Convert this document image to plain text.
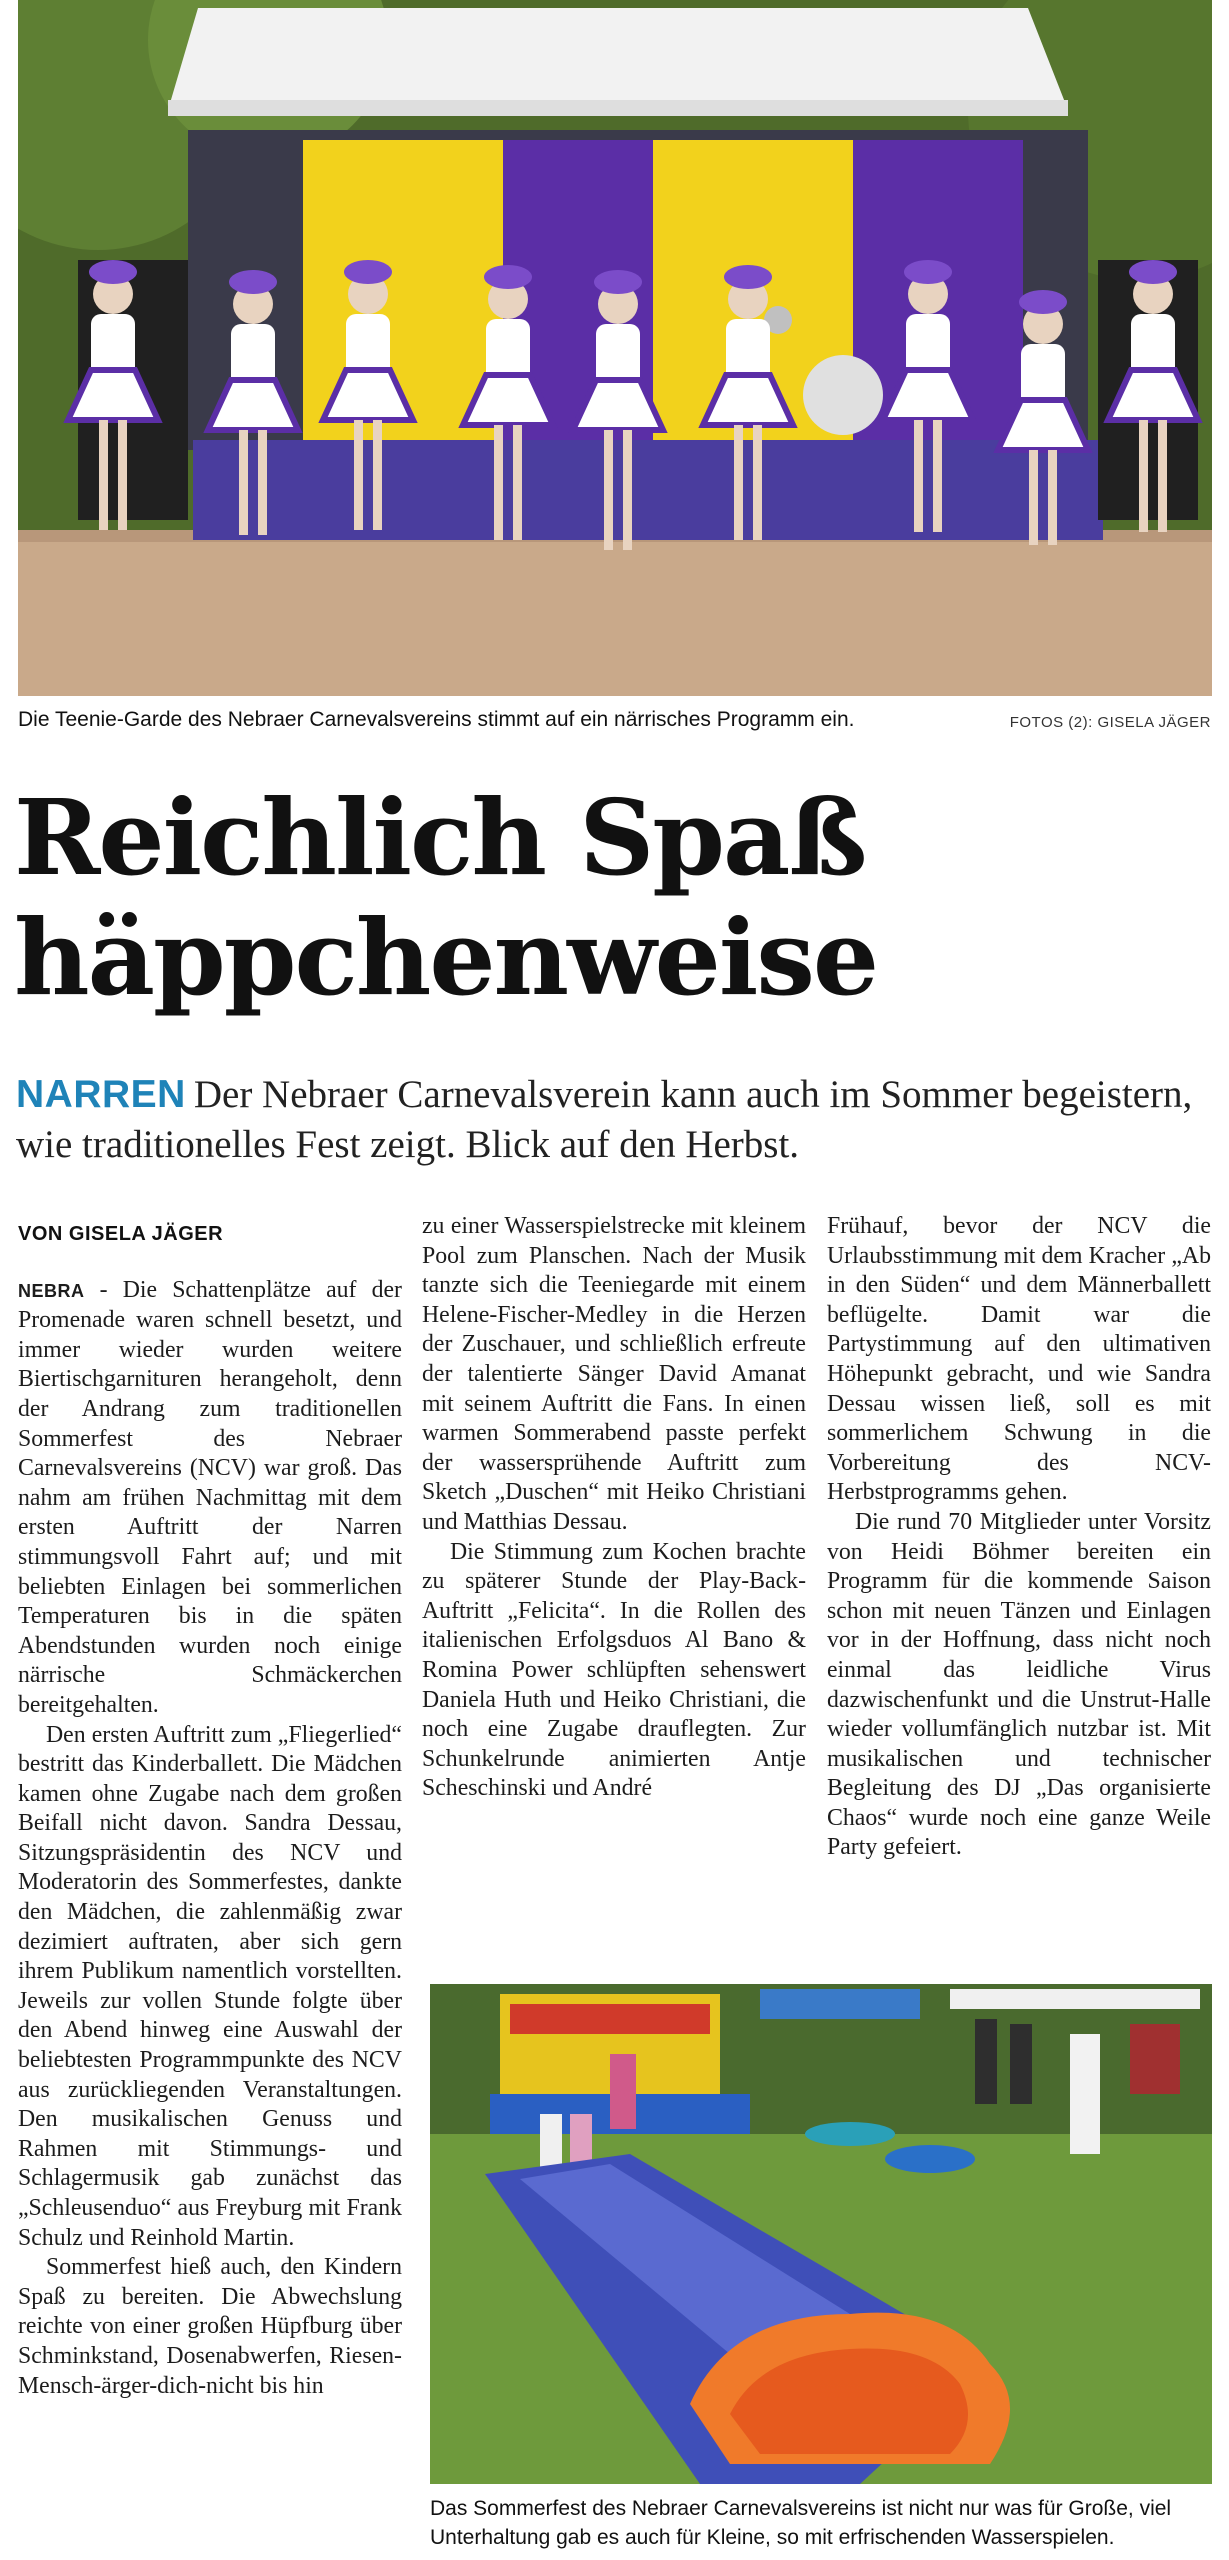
Die Teenie-Garde des Nebraer Carnevalsvereins stimmt auf ein närrisches Programm ein.	FOTOS (2): GISELA JÄGER
Reichlich Spaß
häppchenweise

NARREN Der Nebraer Carnevalsverein kann auch im Sommer begeistern, wie traditionelles Fest zeigt. Blick auf den Herbst.

VON GISELA JÄGER

NEBRA - Die Schattenplätze auf der Promenade waren schnell besetzt, und immer wieder wurden weitere Biertischgarnituren herangeholt, denn der Andrang zum traditionellen Sommerfest des Nebraer Carnevalsvereins (NCV) war groß. Das nahm am frühen Nachmittag mit dem ersten Auftritt der Narren stimmungsvoll Fahrt auf; und mit beliebten Einlagen bei sommerlichen Temperaturen bis in die späten Abendstunden wurden noch einige närrische Schmäckerchen bereitgehalten.

Den ersten Auftritt zum „Fliegerlied“ bestritt das Kinderballett. Die Mädchen kamen ohne Zugabe nach dem großen Beifall nicht davon. Sandra Dessau, Sitzungspräsidentin des NCV und Moderatorin des Sommerfestes, dankte den Mädchen, die zahlenmäßig zwar dezimiert auftraten, aber sich gern ihrem Publikum namentlich vorstellten. Jeweils zur vollen Stunde folgte über den Abend hinweg eine Auswahl der beliebtesten Programmpunkte des NCV aus zurückliegenden Veranstaltungen. Den musikalischen Genuss und Rahmen mit Stimmungs- und Schlagermusik gab zunächst das „Schleusenduo“ aus Freyburg mit Frank Schulz und Reinhold Martin.

Sommerfest hieß auch, den Kindern Spaß zu bereiten. Die Abwechslung reichte von einer großen Hüpfburg über Schminkstand, Dosenabwerfen, Riesen-Mensch-ärger-dich-nicht bis hin

zu einer Wasserspielstrecke mit kleinem Pool zum Planschen. Nach der Musik tanzte sich die Teeniegarde mit einem Helene-Fischer-Medley in die Herzen der Zuschauer, und schließlich erfreute der talentierte Sänger David Amanat mit seinem Auftritt die Fans. In einen warmen Sommerabend passte perfekt der wassersprühende Auftritt zum Sketch „Duschen“ mit Heiko Christiani und Matthias Dessau.

Die Stimmung zum Kochen brachte zu späterer Stunde der Play-Back-Auftritt „Felicita“. In die Rollen des italienischen Erfolgsduos Al Bano & Romina Power schlüpften sehenswert Daniela Huth und Heiko Christiani, die noch eine Zugabe drauflegten. Zur Schunkelrunde animierten Antje Scheschinski und André

Frühauf, bevor der NCV die Urlaubsstimmung mit dem Kracher „Ab in den Süden“ und dem Männerballett beflügelte. Damit war die Partystimmung auf den ultimativen Höhepunkt gebracht, und wie Sandra Dessau wissen ließ, soll es mit sommerlichem Schwung in die Vorbereitung des NCV-Herbstprogramms gehen.

Die rund 70 Mitglieder unter Vorsitz von Heidi Böhmer bereiten ein Programm für die kommende Saison schon mit neuen Tänzen und Einlagen vor in der Hoffnung, dass nicht noch einmal das leidliche Virus dazwischenfunkt und die Unstrut-Halle wieder vollumfänglich nutzbar ist. Mit musikalischen und technischer Begleitung des DJ „Das organisierte Chaos“ wurde noch eine ganze Weile Party gefeiert.

Das Sommerfest des Nebraer Carnevalsvereins ist nicht nur was für Große, viel Unterhaltung gab es auch für Kleine, so mit erfrischenden Wasserspielen.
